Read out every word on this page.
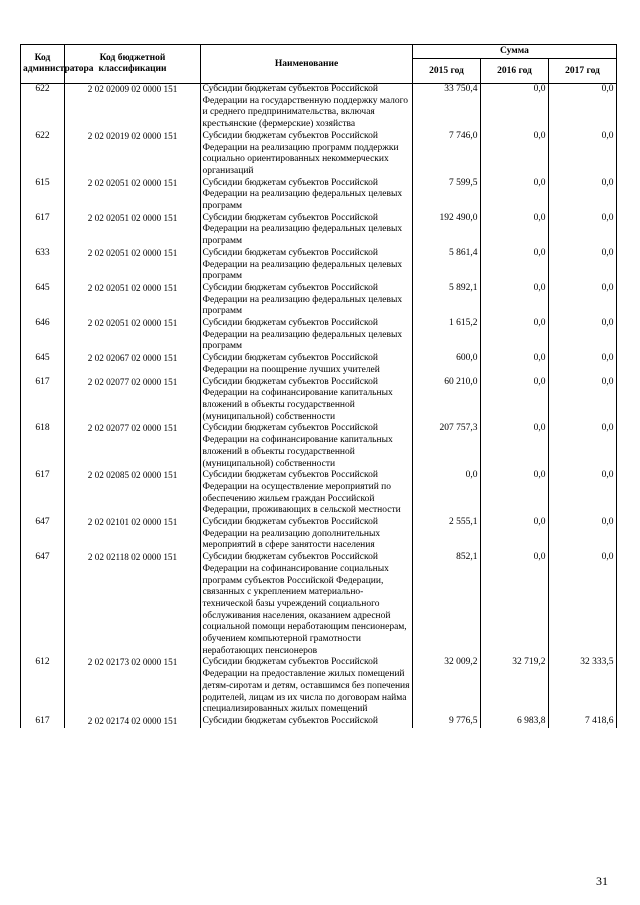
Код администратора	Код бюджетной классификации	Наименование	Сумма		
			2015 год	2016 год	2017 год
622	2 02 02009 02 0000 151	Субсидии бюджетам субъектов Российской Федерации на государственную поддержку малого и среднего предпринимательства, включая крестьянские (фермерские) хозяйства	33 750,4	0,0	0,0
622	2 02 02019 02 0000 151	Субсидии бюджетам субъектов Российской Федерации на реализацию программ поддержки социально ориентированных некоммерческих организаций	7 746,0	0,0	0,0
615	2 02 02051 02 0000 151	Субсидии бюджетам субъектов Российской Федерации на реализацию федеральных целевых программ	7 599,5	0,0	0,0
617	2 02 02051 02 0000 151	Субсидии бюджетам субъектов Российской Федерации на реализацию федеральных целевых программ	192 490,0	0,0	0,0
633	2 02 02051 02 0000 151	Субсидии бюджетам субъектов Российской Федерации на реализацию федеральных целевых программ	5 861,4	0,0	0,0
645	2 02 02051 02 0000 151	Субсидии бюджетам субъектов Российской Федерации на реализацию федеральных целевых программ	5 892,1	0,0	0,0
646	2 02 02051 02 0000 151	Субсидии бюджетам субъектов Российской Федерации на реализацию федеральных целевых программ	1 615,2	0,0	0,0
645	2 02 02067 02 0000 151	Субсидии бюджетам субъектов Российской Федерации на поощрение лучших учителей	600,0	0,0	0,0
617	2 02 02077 02 0000 151	Субсидии бюджетам субъектов Российской Федерации на софинансирование капитальных вложений в объекты государственной (муниципальной) собственности	60 210,0	0,0	0,0
618	2 02 02077 02 0000 151	Субсидии бюджетам субъектов Российской Федерации на софинансирование капитальных вложений в объекты государственной (муниципальной) собственности	207 757,3	0,0	0,0
617	2 02 02085 02 0000 151	Субсидии бюджетам субъектов Российской Федерации на осуществление мероприятий по обеспечению жильем граждан Российской Федерации, проживающих в сельской местности	0,0	0,0	0,0
647	2 02 02101 02 0000 151	Субсидии бюджетам субъектов Российской Федерации на реализацию дополнительных мероприятий в сфере занятости населения	2 555,1	0,0	0,0
647	2 02 02118 02 0000 151	Субсидии бюджетам субъектов Российской Федерации на софинансирование социальных программ субъектов Российской Федерации, связанных с укреплением материально-технической базы учреждений социального обслуживания населения, оказанием адресной социальной помощи неработающим пенсионерам, обучением компьютерной грамотности неработающих пенсионеров	852,1	0,0	0,0
612	2 02 02173 02 0000 151	Субсидии бюджетам субъектов Российской Федерации на предоставление жилых помещений детям-сиротам и детям, оставшимся без попечения родителей, лицам из их числа по договорам найма специализированных жилых помещений	32 009,2	32 719,2	32 333,5
617	2 02 02174 02 0000 151	Субсидии бюджетам субъектов Российской	9 776,5	6 983,8	7 418,6
31
